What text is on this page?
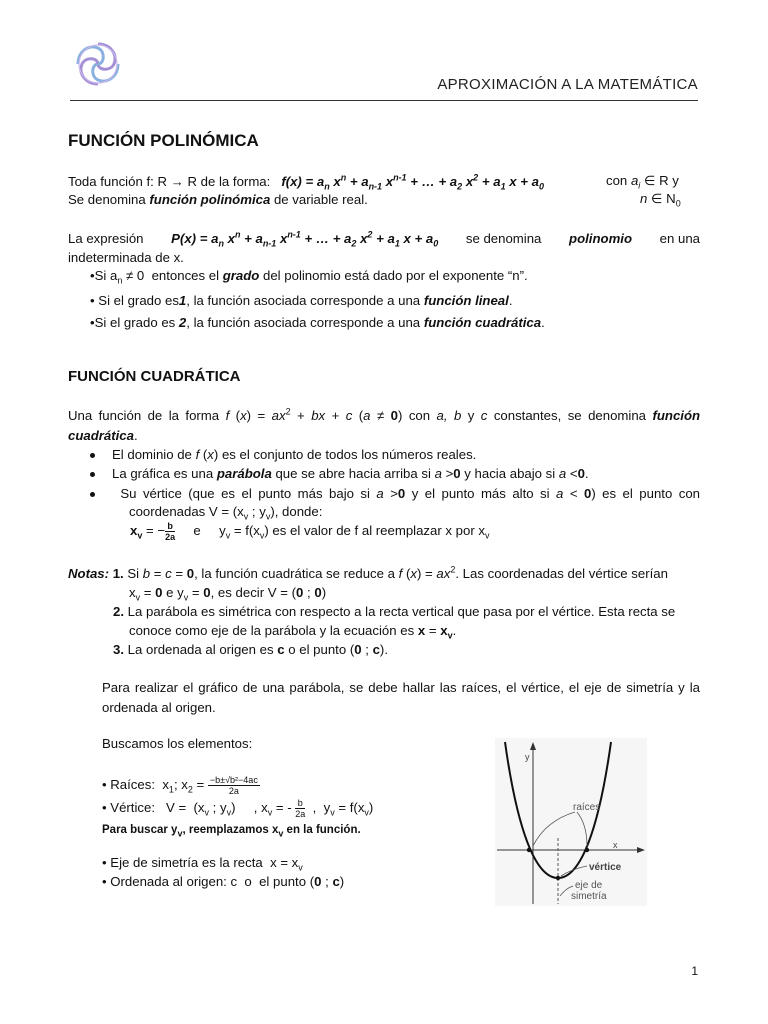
APROXIMACIÓN A LA MATEMÁTICA
FUNCIÓN POLINÓMICA
Toda función f: R → R de la forma: $f(x) = a_n$ $x^n + a_{n-1}$ $x^{n-1}$ + … + $a_2$ $x^2 + a_1$ $x + a_0$	con $a_i$ ∈ R y
Se denomina función polinómica de variable real.	n ∈ $N_0$
La expresión $P(x) = a_n$ $x^n + a_{n-1}$ $x^{n-1}$ + … + $a_2$ $x^2 + a_1$ $x + a_0$ se denomina polinomio en una
indeterminada de x.
•Si $a_n \ne 0$  entonces el grado del polinomio está dado por el exponente “n”.
• Si el grado es1, la función asociada corresponde a una función lineal.
•Si el grado es 2, la función asociada corresponde a una función cuadrática.
FUNCIÓN CUADRÁTICA
Una función de la forma f $(x) = ax^2$ + bx + c (a ≠ 0) con a, b y c constantes, se denomina función
cuadrática.
El dominio de f (x) es el conjunto de todos los números reales.
La gráfica es una parábola que se abre hacia arriba si a >0 y hacia abajo si a <0.
Su vértice (que es el punto más bajo si a >0 y el punto más alto si a < 0) es el punto con
coordenadas $V = (x_v$ ; $y_v$), donde:
$x_v$ = − $\frac{b}{2a}$ e     $y_v = f(x_v)$ es el valor de f al reemplazar x por $x_v$
Notas: 1. Si b = c = 0, la función cuadrática se reduce a f $(x) = ax^2$. Las coordenadas del vértice serían
$x_v = 0$ e $y_v = 0$, es decir V = (0 ; 0)
2. La parábola es simétrica con respecto a la recta vertical que pasa por el vértice. Esta recta se
conoce como eje de la parábola y la ecuación es $x = x_v$.
3. La ordenada al origen es c o el punto (0 ; c).
Para realizar el gráfico de una parábola, se debe hallar las raíces, el vértice, el eje de simetría y la ordenada al origen.
Buscamos los elementos:
• Raíces:  $x_1$; $x_2 = \frac{\text{−b±√b²−4ac}}{2a}$
• Vértice:   $V = (x_v$ ; $y_v$)     , $x_v$ = - $\frac{b}{2a}$ ,  $y_v = f(x_v)$
Para buscar $y_v$, reemplazamos $x_v$ en la función.
• Eje de simetría es la recta  $x = x_v$
• Ordenada al origen: c  o  el punto (0 ; c)
y
x
raíces
vértice
eje de
simetría
1
